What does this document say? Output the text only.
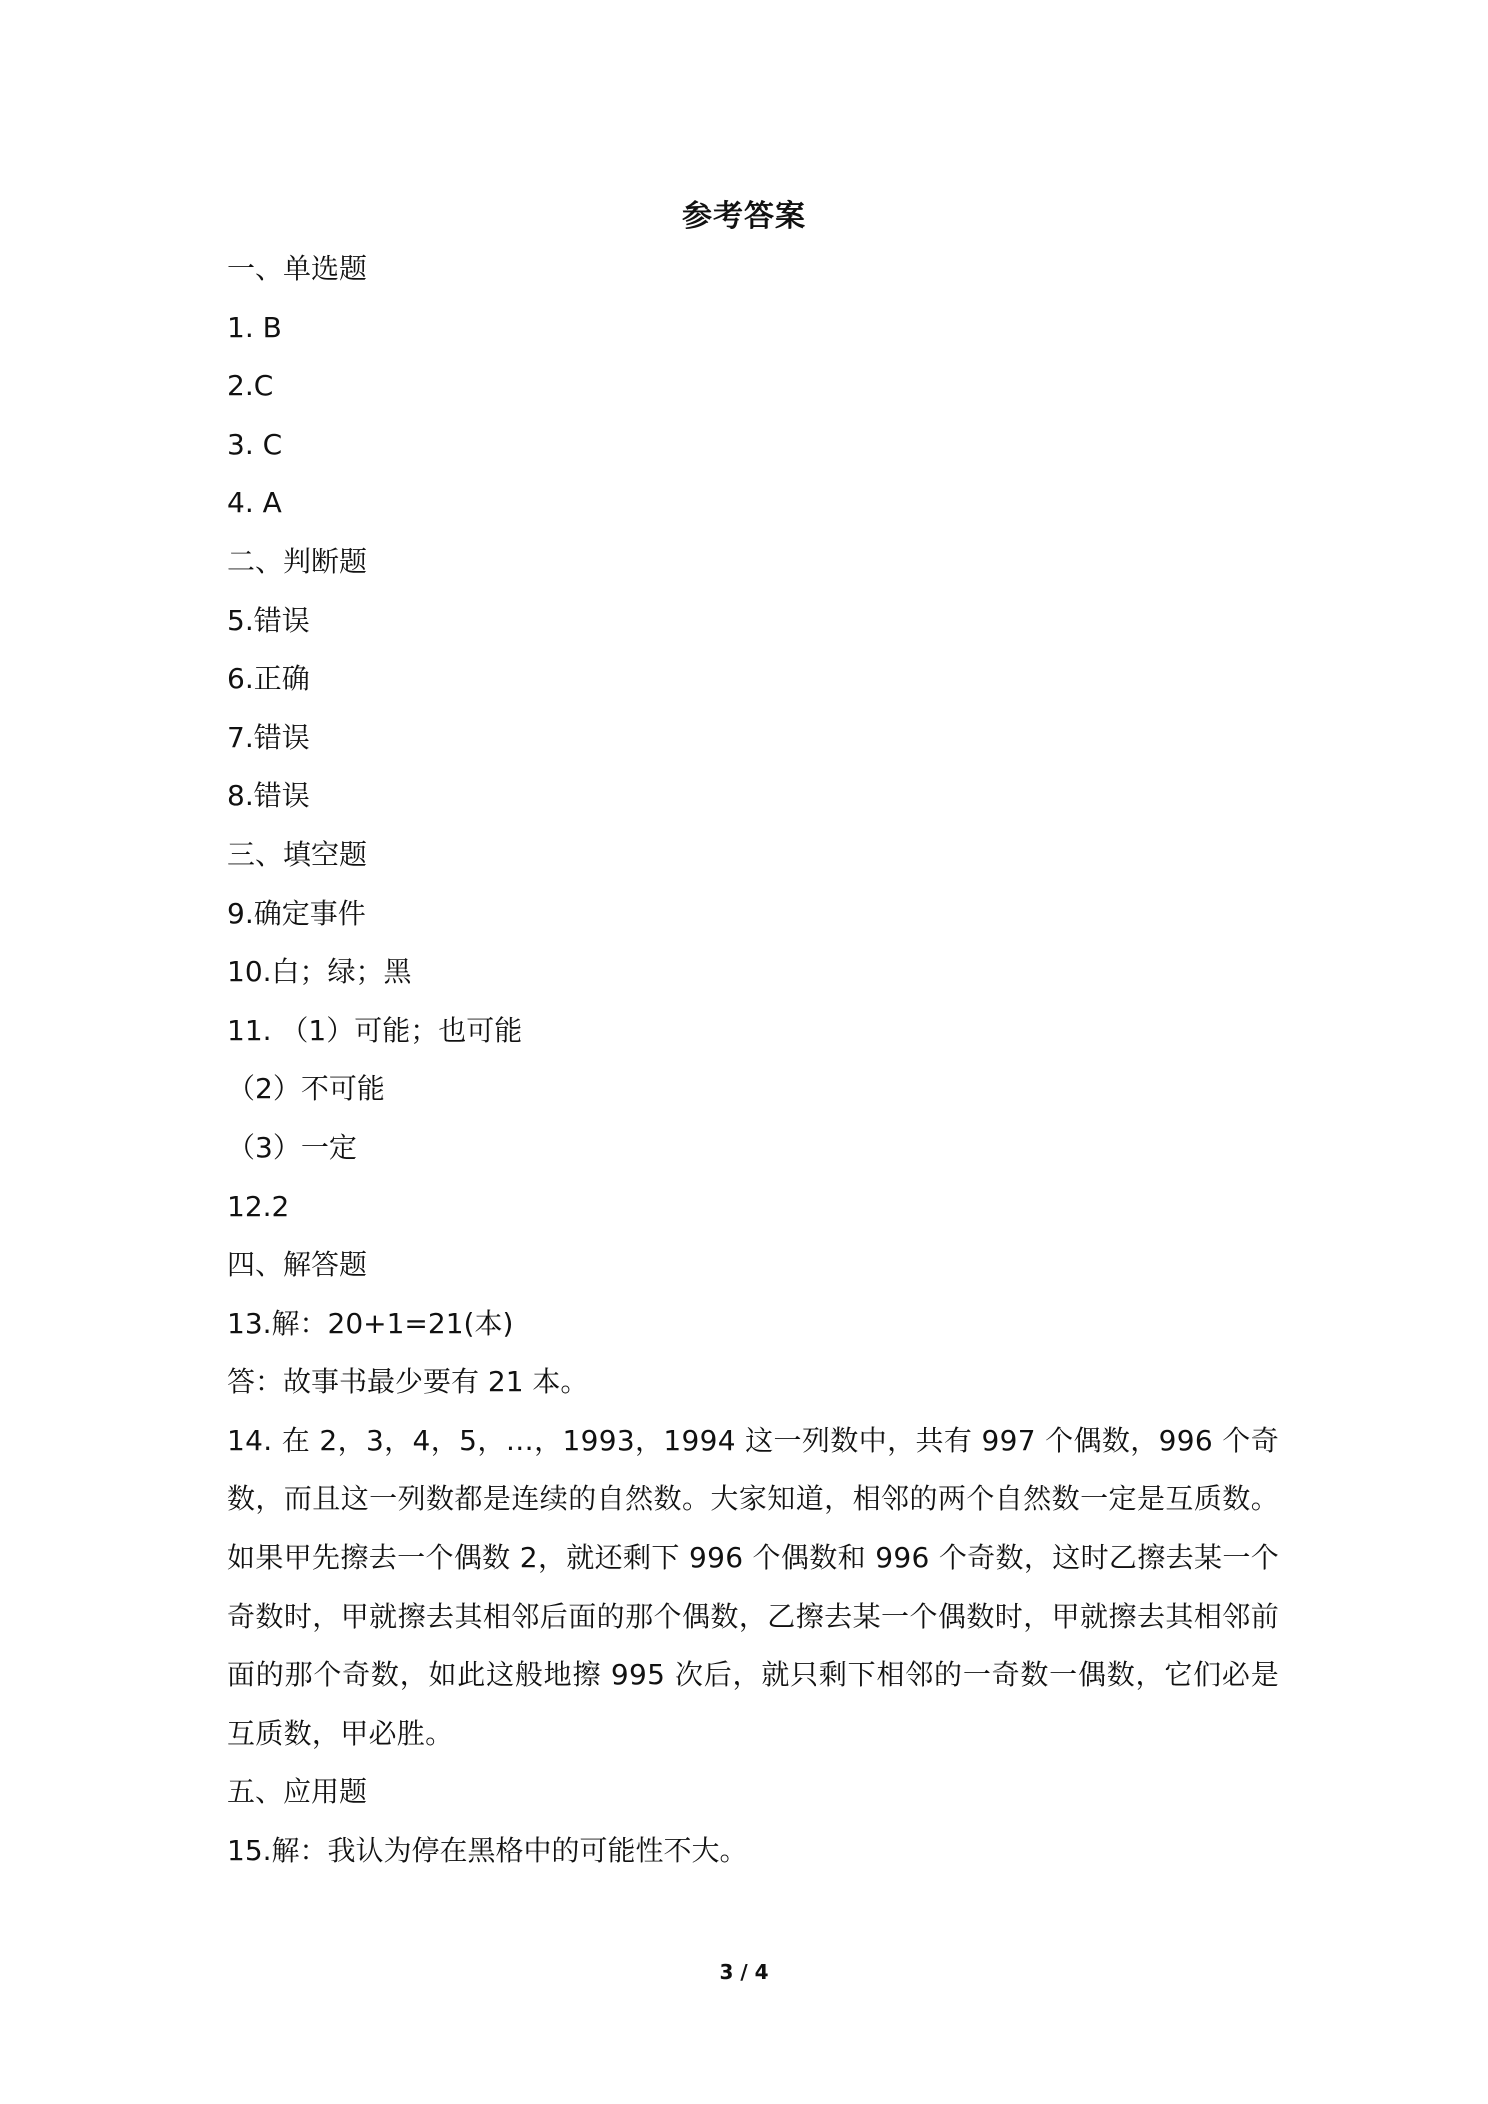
参考答案
一、单选题
1. B
2.C
3. C
4. A
二、判断题
5.错误
6.正确
7.错误
8.错误
三、填空题
9.确定事件
10.白；绿；黑
11. （1）可能；也可能
（2）不可能
（3）一定
12.2
四、解答题
13.解：20+1=21(本)
答：故事书最少要有 21 本。
14. 在 2，3，4，5，…，1993，1994 这一列数中，共有 997 个偶数，996 个奇数，而且这一列数都是连续的自然数。大家知道，相邻的两个自然数一定是互质数。如果甲先擦去一个偶数 2，就还剩下 996 个偶数和 996 个奇数，这时乙擦去某一个奇数时，甲就擦去其相邻后面的那个偶数，乙擦去某一个偶数时，甲就擦去其相邻前面的那个奇数，如此这般地擦 995 次后，就只剩下相邻的一奇数一偶数，它们必是互质数，甲必胜。
五、应用题
15.解：我认为停在黑格中的可能性不大。
3 / 4
